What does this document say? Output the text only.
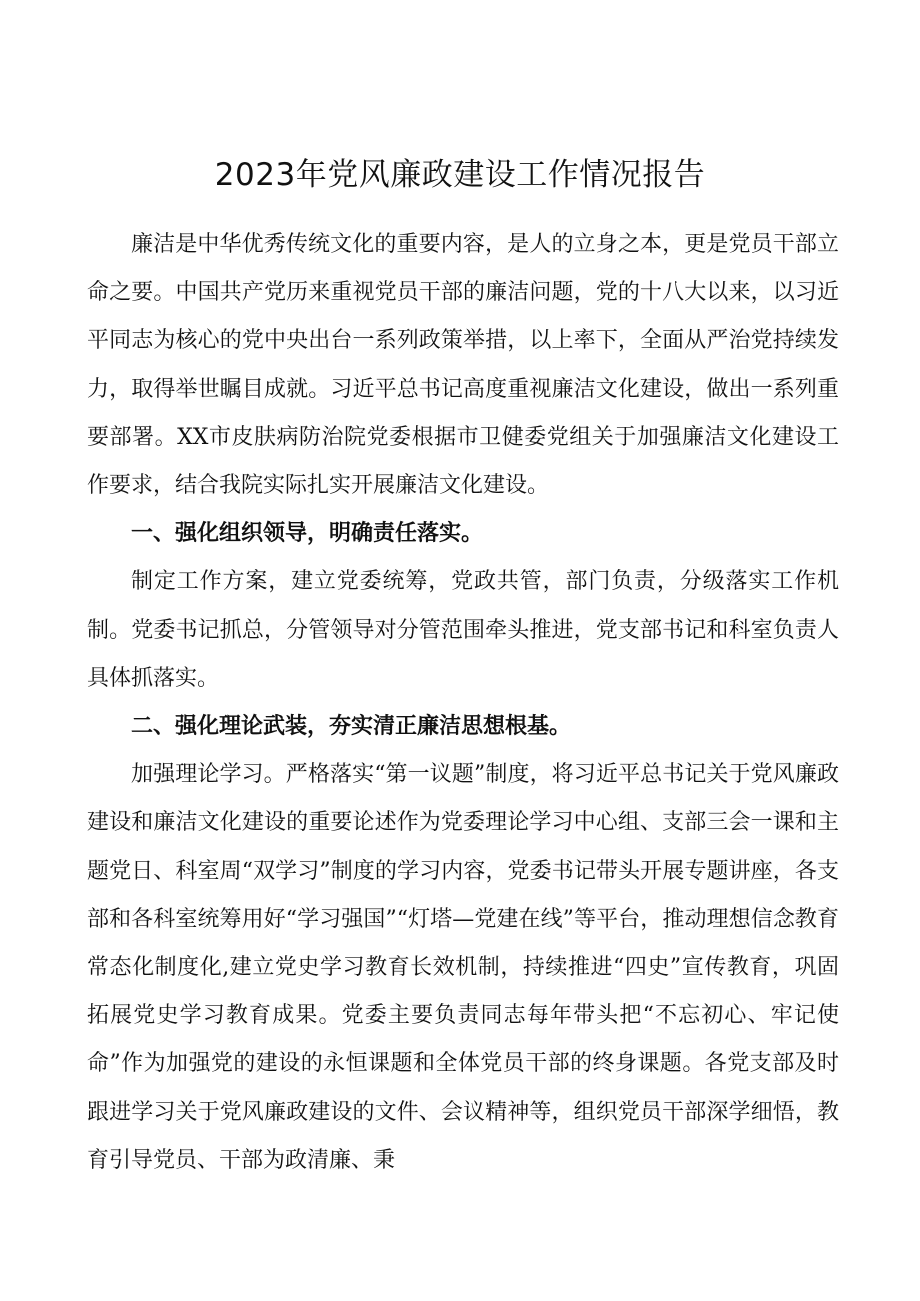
2023年党风廉政建设工作情况报告

廉洁是中华优秀传统文化的重要内容，是人的立身之本，更是党员干部立命之要。中国共产党历来重视党员干部的廉洁问题，党的十八大以来，以习近平同志为核心的党中央出台一系列政策举措，以上率下，全面从严治党持续发力，取得举世瞩目成就。习近平总书记高度重视廉洁文化建设，做出一系列重要部署。XX市皮肤病防治院党委根据市卫健委党组关于加强廉洁文化建设工作要求，结合我院实际扎实开展廉洁文化建设。

一、强化组织领导，明确责任落实。

制定工作方案，建立党委统筹，党政共管，部门负责，分级落实工作机制。党委书记抓总，分管领导对分管范围牵头推进，党支部书记和科室负责人具体抓落实。

二、强化理论武装，夯实清正廉洁思想根基。

加强理论学习。严格落实“第一议题”制度，将习近平总书记关于党风廉政建设和廉洁文化建设的重要论述作为党委理论学习中心组、支部三会一课和主题党日、科室周“双学习”制度的学习内容，党委书记带头开展专题讲座，各支部和各科室统筹用好“学习强国”“灯塔—党建在线”等平台，推动理想信念教育常态化制度化,建立党史学习教育长效机制，持续推进“四史”宣传教育，巩固拓展党史学习教育成果。党委主要负责同志每年带头把“不忘初心、牢记使命”作为加强党的建设的永恒课题和全体党员干部的终身课题。各党支部及时跟进学习关于党风廉政建设的文件、会议精神等，组织党员干部深学细悟，教育引导党员、干部为政清廉、秉
